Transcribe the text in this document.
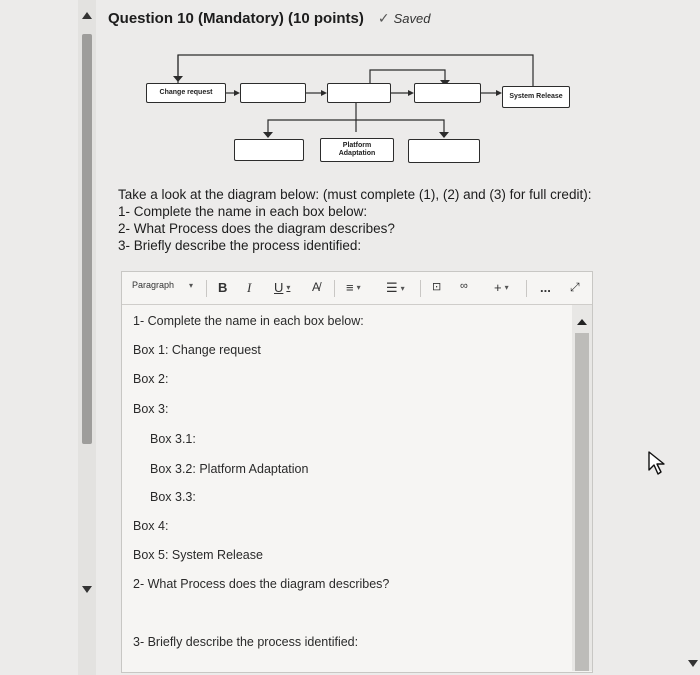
Question 10 (Mandatory) (10 points) ✓ Saved
Change request
System Release
Platform
Adaptation
Take a look at the diagram below: (must complete (1), (2) and (3) for full credit):
1- Complete the name in each box below:
2- What Process does the diagram describes?
3- Briefly describe the process identified:
Paragraph ▾ B I U ▾ A̸ ≡ ▾ ☰ ▾ ⊡ ∞ + ▾ ... ⤢
1- Complete the name in each box below:
Box 1: Change request
Box 2:
Box 3:
Box 3.1:
Box 3.2: Platform Adaptation
Box 3.3:
Box 4:
Box 5: System Release
2- What Process does the diagram describes?
3- Briefly describe the process identified:
